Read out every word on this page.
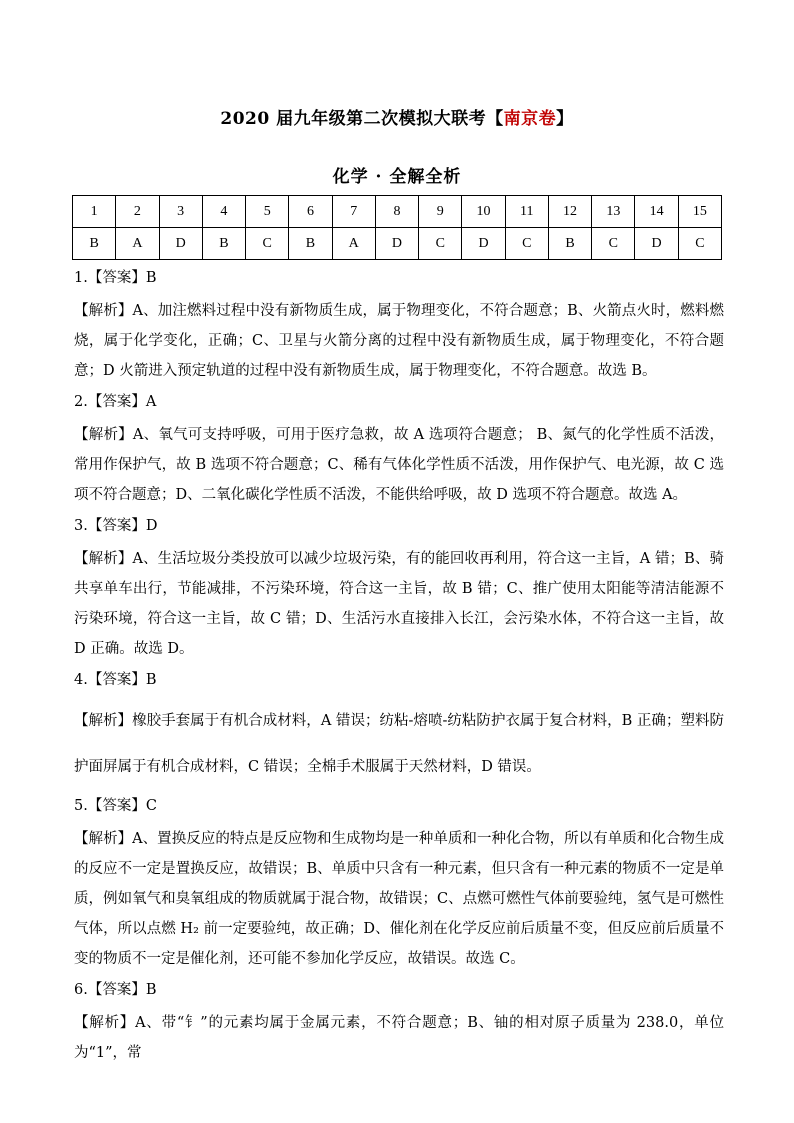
2020 届九年级第二次模拟大联考【南京卷】
化学 · 全解全析
1	2	3	4	5	6	7	8	9	10	11	12	13	14	15
B	A	D	B	C	B	A	D	C	D	C	B	C	D	C
1.【答案】B
【解析】A、加注燃料过程中没有新物质生成，属于物理变化，不符合题意；B、火箭点火时，燃料燃烧，属于化学变化，正确；C、卫星与火箭分离的过程中没有新物质生成，属于物理变化，不符合题意；D 火箭进入预定轨道的过程中没有新物质生成，属于物理变化，不符合题意。故选 B。
2.【答案】A
【解析】A、氧气可支持呼吸，可用于医疗急救，故 A 选项符合题意； B、氮气的化学性质不活泼，常用作保护气，故 B 选项不符合题意；C、稀有气体化学性质不活泼，用作保护气、电光源，故 C 选项不符合题意；D、二氧化碳化学性质不活泼，不能供给呼吸，故 D 选项不符合题意。故选 A。
3.【答案】D
【解析】A、生活垃圾分类投放可以减少垃圾污染，有的能回收再利用，符合这一主旨，A 错；B、骑共享单车出行，节能减排，不污染环境，符合这一主旨，故 B 错；C、推广使用太阳能等清洁能源不污染环境，符合这一主旨，故 C 错；D、生活污水直接排入长江，会污染水体，不符合这一主旨，故 D 正确。故选 D。
4.【答案】B
【解析】橡胶手套属于有机合成材料，A 错误；纺粘-熔喷-纺粘防护衣属于复合材料，B 正确；塑料防护面屏属于有机合成材料，C 错误；全棉手术服属于天然材料，D 错误。
5.【答案】C
【解析】A、置换反应的特点是反应物和生成物均是一种单质和一种化合物，所以有单质和化合物生成的反应不一定是置换反应，故错误；B、单质中只含有一种元素，但只含有一种元素的物质不一定是单质，例如氧气和臭氧组成的物质就属于混合物，故错误；C、点燃可燃性气体前要验纯，氢气是可燃性气体，所以点燃 H₂ 前一定要验纯，故正确；D、催化剂在化学反应前后质量不变，但反应前后质量不变的物质不一定是催化剂，还可能不参加化学反应，故错误。故选 C。
6.【答案】B
【解析】A、带“钅”的元素均属于金属元素，不符合题意；B、铀的相对原子质量为 238.0，单位为“1”，常
